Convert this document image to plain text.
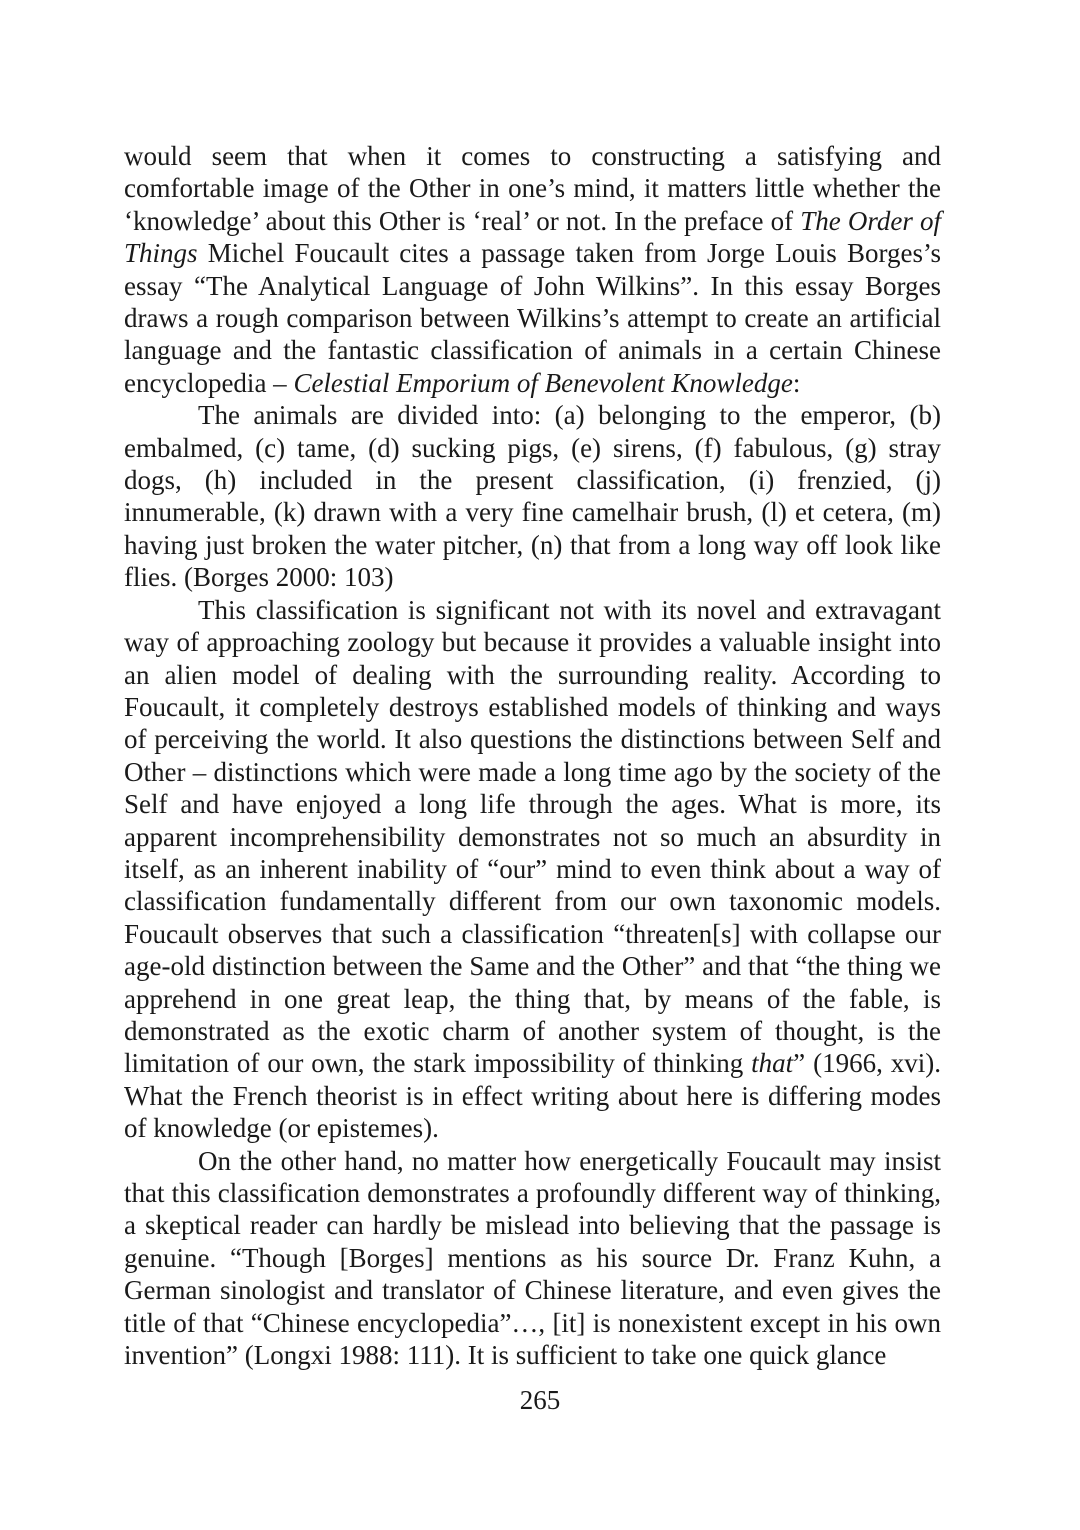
would seem that when it comes to constructing a satisfying and comfortable image of the Other in one’s mind, it matters little whether the ‘knowledge’ about this Other is ‘real’ or not. In the preface of The Order of Things Michel Foucault cites a passage taken from Jorge Louis Borges’s essay “The Analytical Language of John Wilkins”. In this essay Borges draws a rough comparison between Wilkins’s attempt to create an artificial language and the fantastic classification of animals in a certain Chinese encyclopedia – Celestial Emporium of Benevolent Knowledge:

The animals are divided into: (a) belonging to the emperor, (b) embalmed, (c) tame, (d) sucking pigs, (e) sirens, (f) fabulous, (g) stray dogs, (h) included in the present classification, (i) frenzied, (j) innumerable, (k) drawn with a very fine camelhair brush, (l) et cetera, (m) having just broken the water pitcher, (n) that from a long way off look like flies. (Borges 2000: 103)

This classification is significant not with its novel and extravagant way of approaching zoology but because it provides a valuable insight into an alien model of dealing with the surrounding reality. According to Foucault, it completely destroys established models of thinking and ways of perceiving the world. It also questions the distinctions between Self and Other – distinctions which were made a long time ago by the society of the Self and have enjoyed a long life through the ages. What is more, its apparent incomprehensibility demonstrates not so much an absurdity in itself, as an inherent inability of “our” mind to even think about a way of classification fundamentally different from our own taxonomic models. Foucault observes that such a classification “threaten[s] with collapse our age-old distinction between the Same and the Other” and that “the thing we apprehend in one great leap, the thing that, by means of the fable, is demonstrated as the exotic charm of another system of thought, is the limitation of our own, the stark impossibility of thinking that” (1966, xvi). What the French theorist is in effect writing about here is differing modes of knowledge (or epistemes).

On the other hand, no matter how energetically Foucault may insist that this classification demonstrates a profoundly different way of thinking, a skeptical reader can hardly be mislead into believing that the passage is genuine. “Though [Borges] mentions as his source Dr. Franz Kuhn, a German sinologist and translator of Chinese literature, and even gives the title of that “Chinese encyclopedia”…, [it] is nonexistent except in his own invention” (Longxi 1988: 111). It is sufficient to take one quick glance

265
